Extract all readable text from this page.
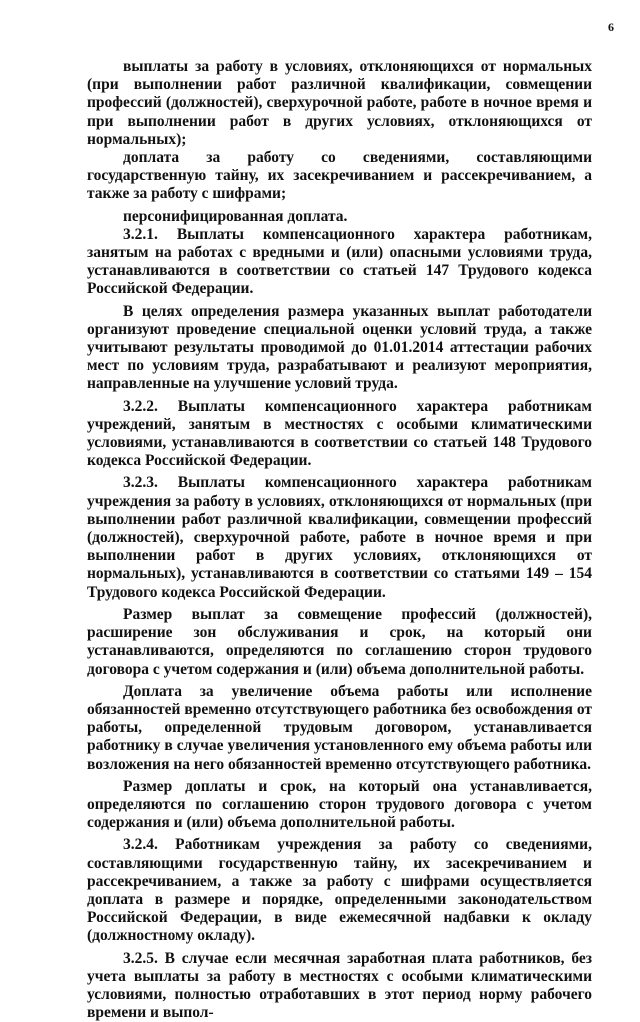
6

выплаты за работу в условиях, отклоняющихся от нормальных (при выполнении работ различной квалификации, совмещении профессий (должностей), сверхурочной работе, работе в ночное время и при выполнении работ в других условиях, отклоняющихся от нормальных);

доплата за работу со сведениями, составляющими государственную тайну, их засекречиванием и рассекречиванием, а также за работу с шифрами;

персонифицированная доплата.

3.2.1. Выплаты компенсационного характера работникам, занятым на работах с вредными и (или) опасными условиями труда, устанавливаются в соответствии со статьей 147 Трудового кодекса Российской Федерации.

В целях определения размера указанных выплат работодатели организуют проведение специальной оценки условий труда, а также учитывают результаты проводимой до 01.01.2014 аттестации рабочих мест по условиям труда, разрабатывают и реализуют мероприятия, направленные на улучшение условий труда.

3.2.2. Выплаты компенсационного характера работникам учреждений, занятым в местностях с особыми климатическими условиями, устанавливаются в соответствии со статьей 148 Трудового кодекса Российской Федерации.

3.2.3. Выплаты компенсационного характера работникам учреждения за работу в условиях, отклоняющихся от нормальных (при выполнении работ различной квалификации, совмещении профессий (должностей), сверхурочной работе, работе в ночное время и при выполнении работ в других условиях, отклоняющихся от нормальных), устанавливаются в соответствии со статьями 149 – 154 Трудового кодекса Российской Федерации.

Размер выплат за совмещение профессий (должностей), расширение зон обслуживания и срок, на который они устанавливаются, определяются по соглашению сторон трудового договора с учетом содержания и (или) объема дополнительной работы.

Доплата за увеличение объема работы или исполнение обязанностей временно отсутствующего работника без освобождения от работы, определенной трудовым договором, устанавливается работнику в случае увеличения установленного ему объема работы или возложения на него обязанностей временно отсутствующего работника.

Размер доплаты и срок, на который она устанавливается, определяются по соглашению сторон трудового договора с учетом содержания и (или) объема дополнительной работы.

3.2.4. Работникам учреждения за работу со сведениями, составляющими государственную тайну, их засекречиванием и рассекречиванием, а также за работу с шифрами осуществляется доплата в размере и порядке, определенными законодательством Российской Федерации, в виде ежемесячной надбавки к окладу (должностному окладу).

3.2.5. В случае если месячная заработная плата работников, без учета выплаты за работу в местностях с особыми климатическими условиями, полностью отработавших в этот период норму рабочего времени и выпол-
